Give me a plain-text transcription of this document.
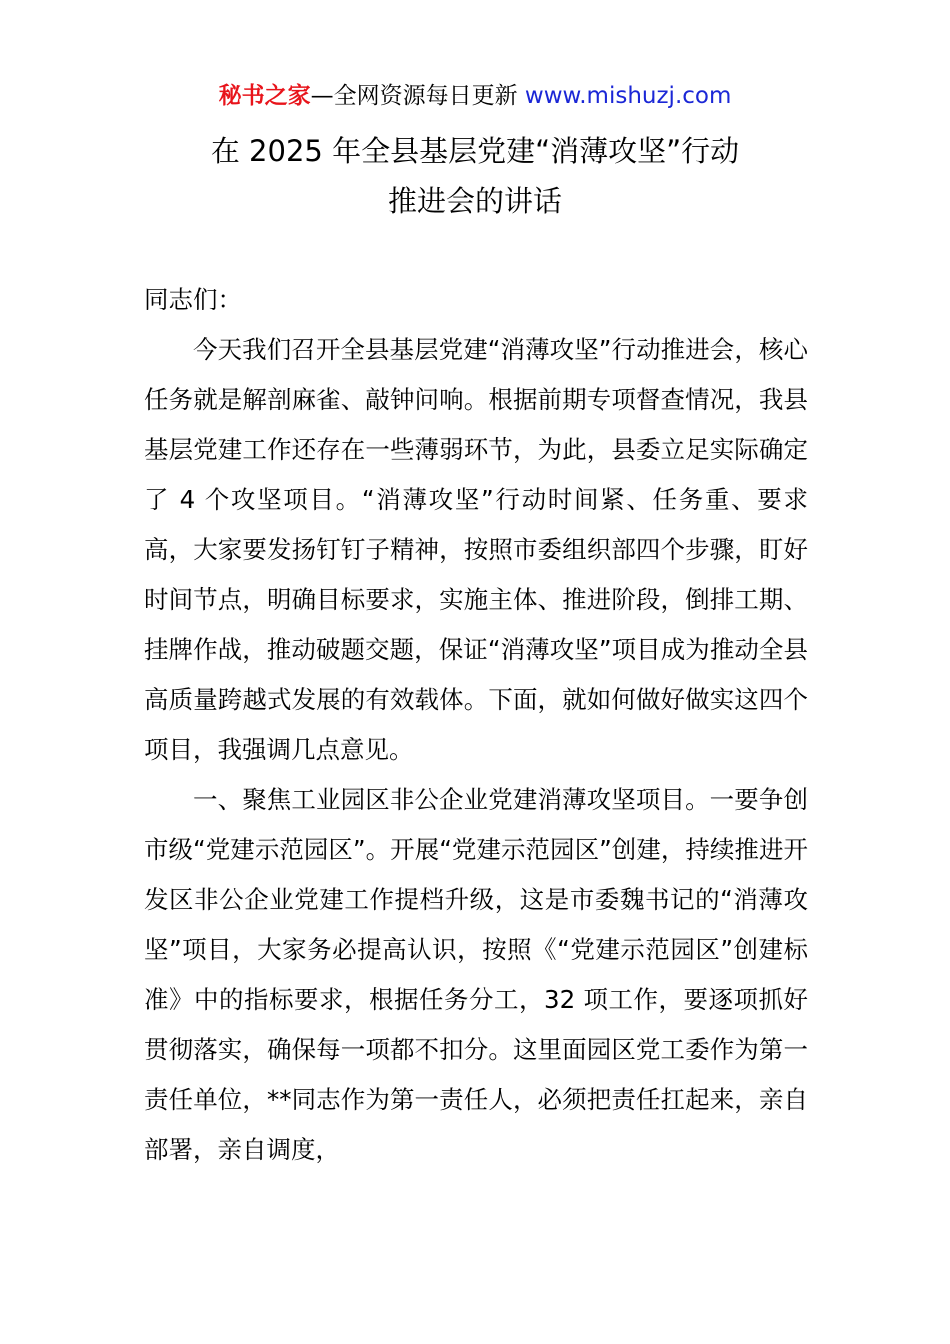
秘书之家—全网资源每日更新 www.mishuzj.com
在 2025 年全县基层党建“消薄攻坚”行动
推进会的讲话

同志们：

今天我们召开全县基层党建“消薄攻坚”行动推进会，核心任务就是解剖麻雀、敲钟问响。根据前期专项督查情况，我县基层党建工作还存在一些薄弱环节，为此，县委立足实际确定了 4 个攻坚项目。“消薄攻坚”行动时间紧、任务重、要求高，大家要发扬钉钉子精神，按照市委组织部四个步骤，盯好时间节点，明确目标要求，实施主体、推进阶段，倒排工期、挂牌作战，推动破题交题，保证“消薄攻坚”项目成为推动全县高质量跨越式发展的有效载体。下面，就如何做好做实这四个项目，我强调几点意见。

一、聚焦工业园区非公企业党建消薄攻坚项目。一要争创市级“党建示范园区”。开展“党建示范园区”创建，持续推进开发区非公企业党建工作提档升级，这是市委魏书记的“消薄攻坚”项目，大家务必提高认识，按照《“党建示范园区”创建标准》中的指标要求，根据任务分工，32 项工作，要逐项抓好贯彻落实，确保每一项都不扣分。这里面园区党工委作为第一责任单位，**同志作为第一责任人，必须把责任扛起来，亲自部署，亲自调度，
